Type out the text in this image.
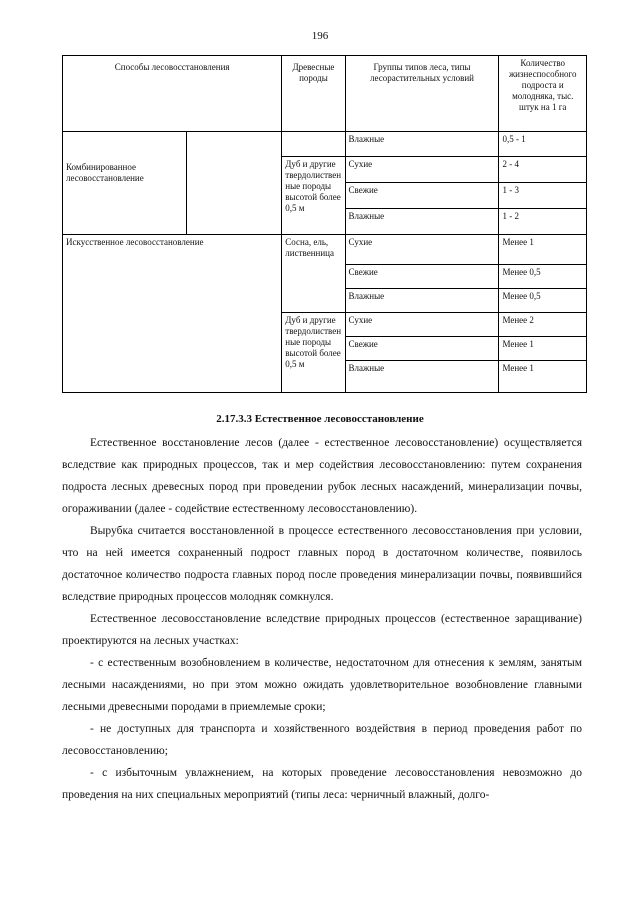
196
Способы лесовосстановления		Древесные породы	Группы типов леса, типы лесорастительных условий	Количество жизнеспособного подроста и молодняка, тыс. штук на 1 га
Комбинированное лесовосстановление			Влажные	0,5 - 1
		Дуб и другие твердолиственные породы высотой более 0,5 м	Сухие	2 - 4
			Свежие	1 - 3
			Влажные	1 - 2
Искусственное лесовосстановление		Сосна, ель, лиственница	Сухие	Менее 1
			Свежие	Менее 0,5
			Влажные	Менее 0,5
		Дуб и другие твердолиственные породы высотой более 0,5 м	Сухие	Менее 2
			Свежие	Менее 1
			Влажные	Менее 1
2.17.3.3 Естественное лесовосстановление

Естественное восстановление лесов (далее - естественное лесовосстановление) осуществляется вследствие как природных процессов, так и мер содействия лесовосстановлению: путем сохранения подроста лесных древесных пород при проведении рубок лесных насаждений, минерализации почвы, огораживании (далее - содействие естественному лесовосстановлению).

Вырубка считается восстановленной в процессе естественного лесовосстановления при условии, что на ней имеется сохраненный подрост главных пород в достаточном количестве, появилось достаточное количество подроста главных пород после проведения минерализации почвы, появившийся вследствие природных процессов молодняк сомкнулся.

Естественное лесовосстановление вследствие природных процессов (естественное заращивание) проектируются на лесных участках:

- с естественным возобновлением в количестве, недостаточном для отнесения к землям, занятым лесными насаждениями, но при этом можно ожидать удовлетворительное возобновление главными лесными древесными породами в приемлемые сроки;

- не доступных для транспорта и хозяйственного воздействия в период проведения работ по лесовосстановлению;

- с избыточным увлажнением, на которых проведение лесовосстановления невозможно до проведения на них специальных мероприятий (типы леса: черничный влажный, долго-
